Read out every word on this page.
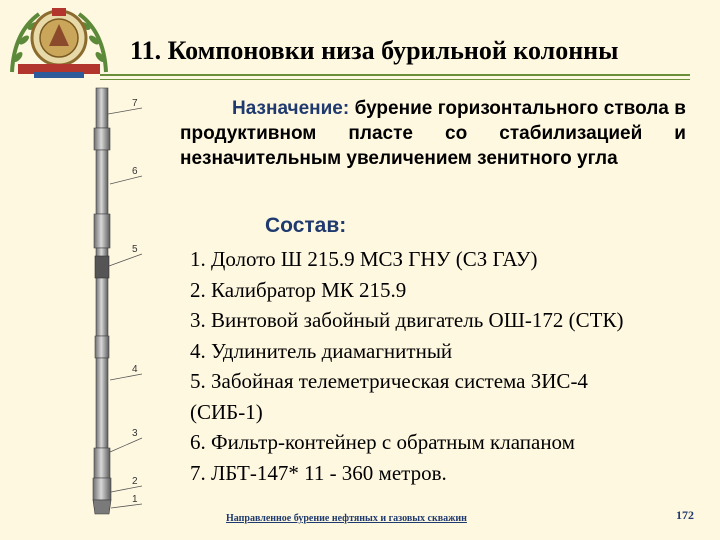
11. Компоновки низа бурильной колонны
7
6
5
4
3
2
1
Назначение: бурение горизонтального ствола в продуктивном пласте со стабилизацией и незначительным увеличением зенитного угла
Состав:
1. Долото Ш 215.9 МСЗ ГНУ (СЗ ГАУ)
2. Калибратор МК 215.9
3. Винтовой забойный двигатель ОШ-172 (СТК)
4. Удлинитель диамагнитный
5. Забойная телеметрическая система ЗИС-4
(СИБ-1)
6. Фильтр-контейнер с обратным клапаном
7. ЛБТ-147* 11 - 360 метров.
Направленное бурение нефтяных и газовых скважин	172
